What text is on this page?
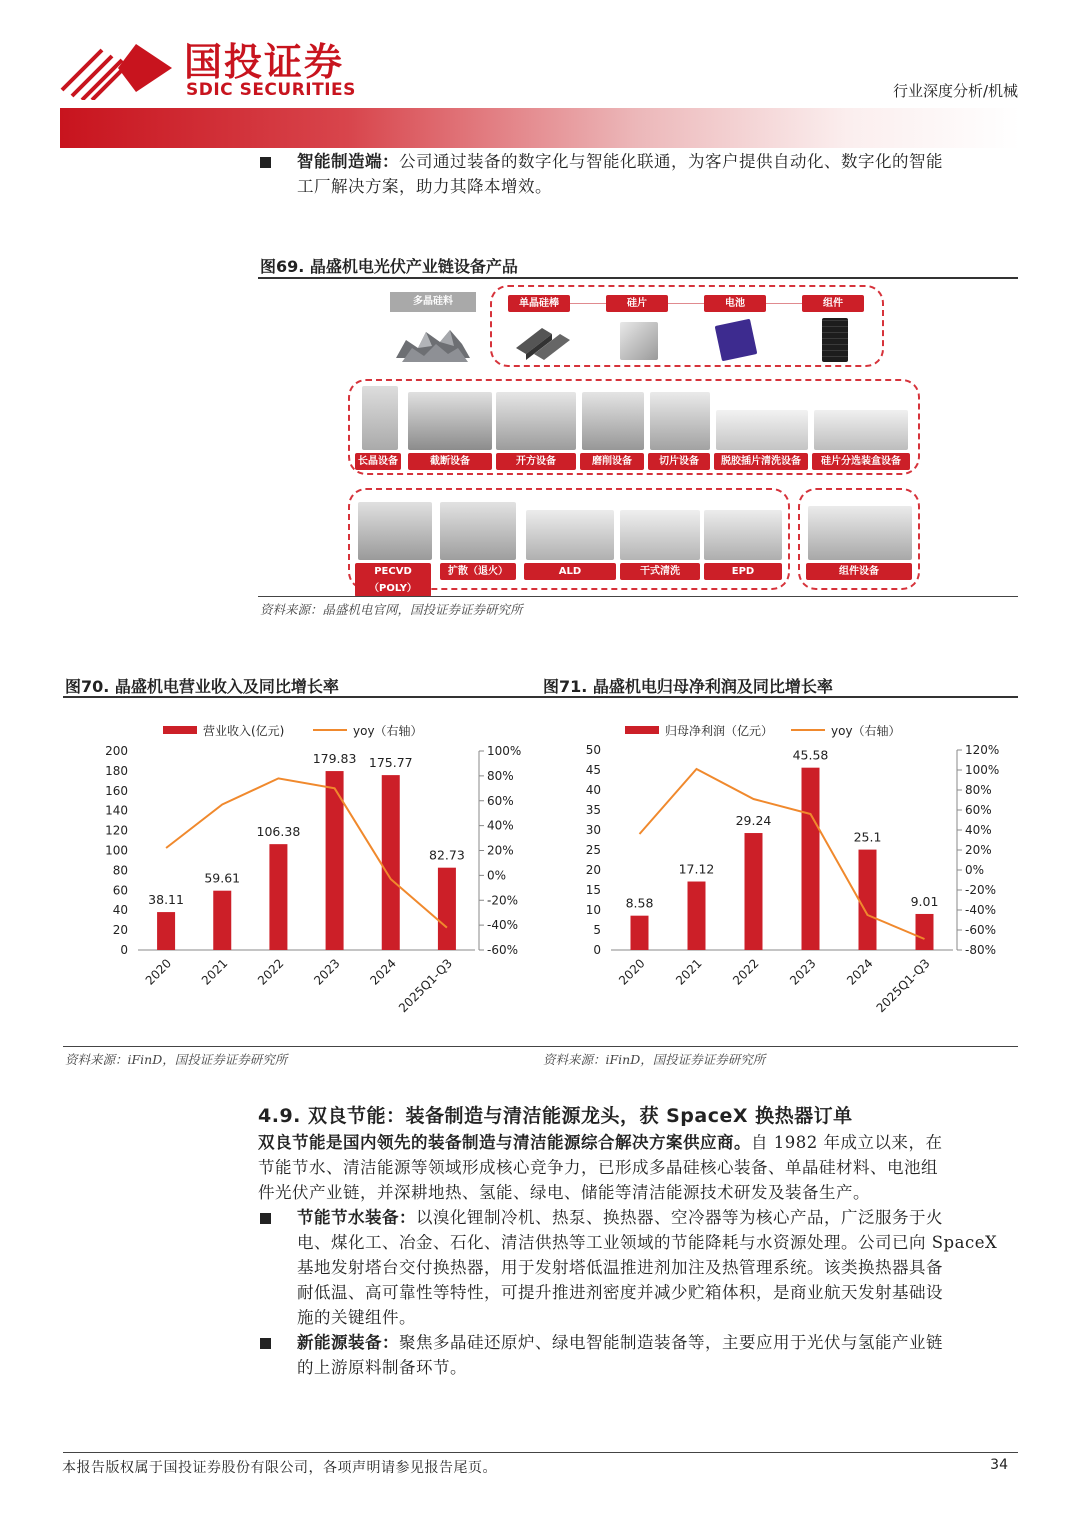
国投证券
SDIC SECURITIES	行业深度分析/机械
智能制造端：公司通过装备的数字化与智能化联通，为客户提供自动化、数字化的智能
工厂解决方案，助力其降本增效。
图69. 晶盛机电光伏产业链设备产品
多晶硅料	单晶硅棒	硅片	电池	组件
长晶设备	截断设备	开方设备	磨削设备	切片设备	脱胶插片清洗设备	硅片分选装盒设备
PECVD（POLY）
扩散（退火）	ALD	干式清洗	EPD	组件设备
资料来源：晶盛机电官网，国投证券证券研究所
图70. 晶盛机电营业收入及同比增长率	图71. 晶盛机电归母净利润及同比增长率
营业收入(亿元)	yoy（右轴）
0
20
40
60
80
100
120
140
160
180
200
-60%
-40%
-20%
0%
20%
40%
60%
80%
100%
38.11
59.61
106.38
179.83 175.77
82.73
2020 2021 2022 2023 2024
2025Q1-Q3
归母净利润（亿元）	yoy（右轴）
0
5
10
15
20
25
30
35
40
45
50
-80%
-60%
-40%
-20%
0%
20%
40%
60%
80%
100%
120%
8.58
17.12
29.24
45.58
25.1
9.01
2020 2021 2022 2023 2024
2025Q1-Q3
资料来源：iFinD，国投证券证券研究所	资料来源：iFinD，国投证券证券研究所
4.9. 双良节能：装备制造与清洁能源龙头，获 SpaceX 换热器订单
双良节能是国内领先的装备制造与清洁能源综合解决方案供应商。自 1982 年成立以来，在
节能节水、清洁能源等领域形成核心竞争力，已形成多晶硅核心装备、单晶硅材料、电池组
件光伏产业链，并深耕地热、氢能、绿电、储能等清洁能源技术研发及装备生产。
节能节水装备：以溴化锂制冷机、热泵、换热器、空冷器等为核心产品，广泛服务于火
电、煤化工、冶金、石化、清洁供热等工业领域的节能降耗与水资源处理。公司已向 SpaceX
基地发射塔台交付换热器，用于发射塔低温推进剂加注及热管理系统。该类换热器具备
耐低温、高可靠性等特性，可提升推进剂密度并减少贮箱体积，是商业航天发射基础设
施的关键组件。
新能源装备：聚焦多晶硅还原炉、绿电智能制造装备等，主要应用于光伏与氢能产业链
的上游原料制备环节。
本报告版权属于国投证券股份有限公司，各项声明请参见报告尾页。	34
